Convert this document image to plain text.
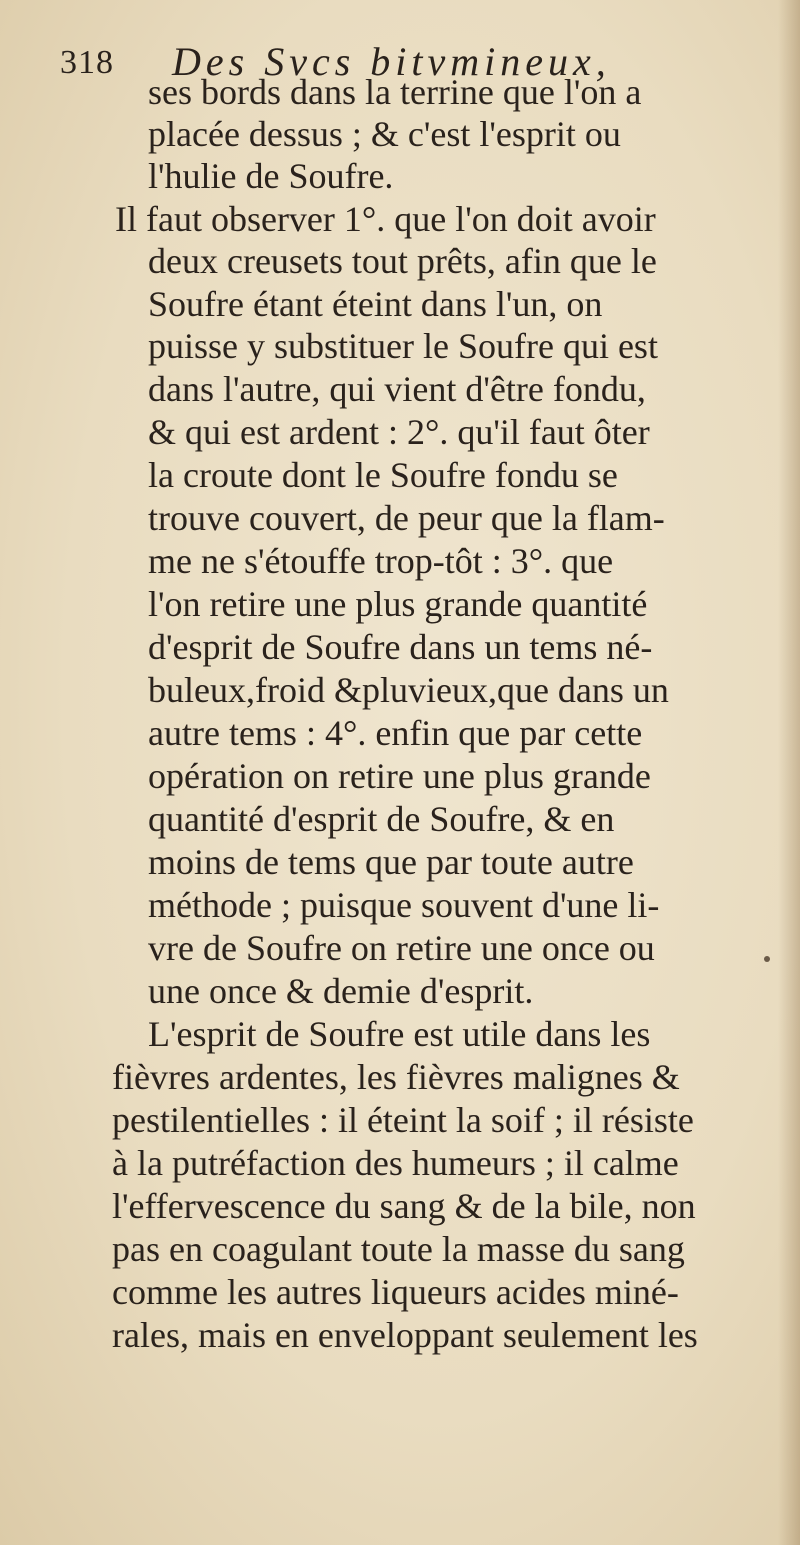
318 Des Svcs bitvmineux,
ses bords dans la terrine que l'on a
placée dessus ; & c'est l'esprit ou
l'hulie de Soufre.
Il faut observer 1°. que l'on doit avoir
deux creusets tout prêts, afin que le
Soufre étant éteint dans l'un, on
puisse y substituer le Soufre qui est
dans l'autre, qui vient d'être fondu,
& qui est ardent : 2°. qu'il faut ôter
la croute dont le Soufre fondu se
trouve couvert, de peur que la flam-
me ne s'étouffe trop-tôt : 3°. que
l'on retire une plus grande quantité
d'esprit de Soufre dans un tems né-
buleux,froid &pluvieux,que dans un
autre tems : 4°. enfin que par cette
opération on retire une plus grande
quantité d'esprit de Soufre, & en
moins de tems que par toute autre
méthode ; puisque souvent d'une li-
vre de Soufre on retire une once ou
une once & demie d'esprit.
L'esprit de Soufre est utile dans les
fièvres ardentes, les fièvres malignes &
pestilentielles : il éteint la soif ; il résiste
à la putréfaction des humeurs ; il calme
l'effervescence du sang & de la bile, non
pas en coagulant toute la masse du sang
comme les autres liqueurs acides miné-
rales, mais en enveloppant seulement les
